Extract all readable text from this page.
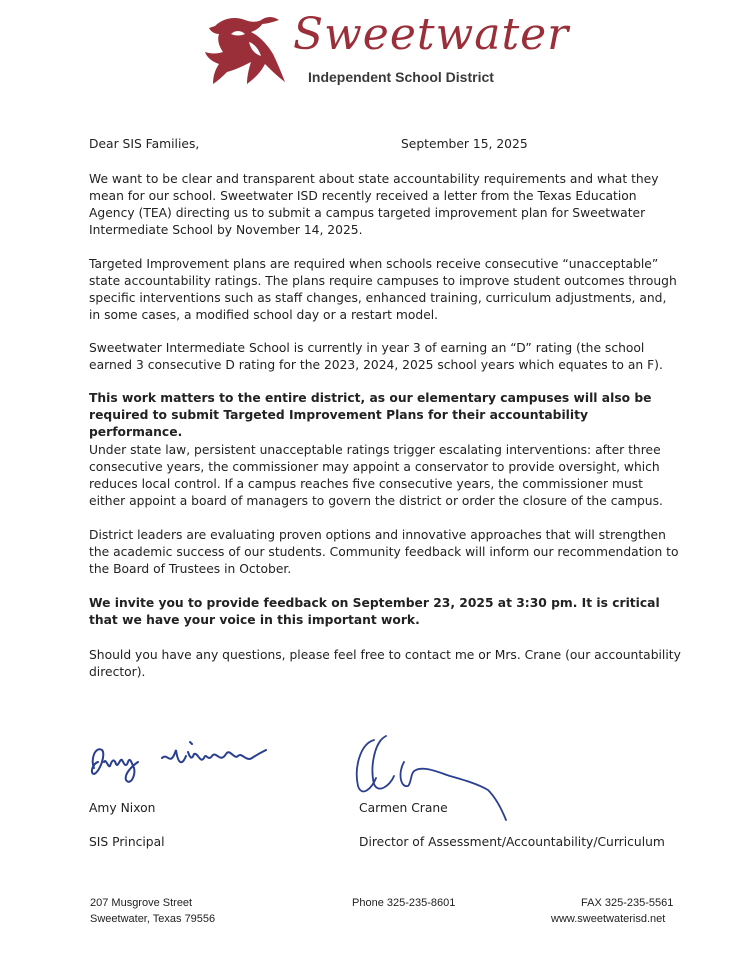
Sweetwater
Independent School District
Dear SIS Families,	September 15, 2025

We want to be clear and transparent about state accountability requirements and what they mean for our school. Sweetwater ISD recently received a letter from the Texas Education Agency (TEA) directing us to submit a campus targeted improvement plan for Sweetwater Intermediate School by November 14, 2025.

Targeted Improvement plans are required when schools receive consecutive “unacceptable” state accountability ratings. The plans require campuses to improve student outcomes through specific interventions such as staff changes, enhanced training, curriculum adjustments, and, in some cases, a modified school day or a restart model.

Sweetwater Intermediate School is currently in year 3 of earning an “D” rating (the school earned 3 consecutive D rating for the 2023, 2024, 2025 school years which equates to an F).

This work matters to the entire district, as our elementary campuses will also be required to submit Targeted Improvement Plans for their accountability performance.

Under state law, persistent unacceptable ratings trigger escalating interventions: after three consecutive years, the commissioner may appoint a conservator to provide oversight, which reduces local control. If a campus reaches five consecutive years, the commissioner must either appoint a board of managers to govern the district or order the closure of the campus.

District leaders are evaluating proven options and innovative approaches that will strengthen the academic success of our students. Community feedback will inform our recommendation to the Board of Trustees in October.

We invite you to provide feedback on September 23, 2025 at 3:30 pm. It is critical that we have your voice in this important work.

Should you have any questions, please feel free to contact me or Mrs. Crane (our accountability director).

Amy Nixon	Carmen Crane
SIS Principal	Director of Assessment/Accountability/Curriculum
207 Musgrove Street
Sweetwater, Texas 79556
Phone 325-235-8601	FAX 325-235-5561
www.sweetwaterisd.net
